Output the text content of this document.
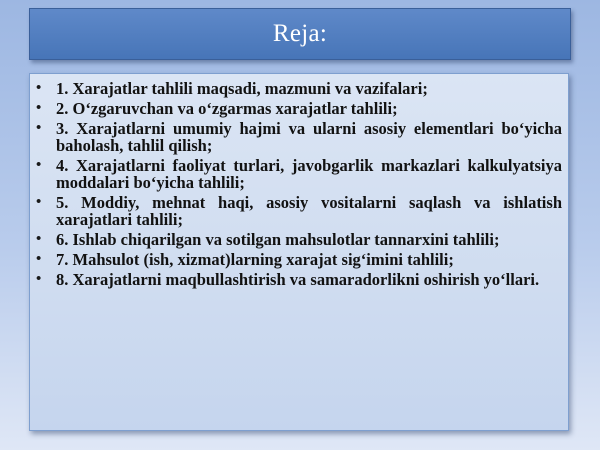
Reja:
• 1. Xarajatlar tahlili maqsadi, mazmuni va vazifalari;
• 2. O‘zgaruvchan va o‘zgarmas xarajatlar tahlili;
• 3. Xarajatlarni umumiy hajmi va ularni asosiy elementlari bo‘yicha baholash, tahlil qilish;
• 4. Xarajatlarni faoliyat turlari, javobgarlik markazlari kalkulyatsiya moddalari bo‘yicha tahlili;
• 5. Moddiy, mehnat haqi, asosiy vositalarni saqlash va ishlatish xarajatlari tahlili;
• 6. Ishlab chiqarilgan va sotilgan mahsulotlar tannarxini tahlili;
• 7. Mahsulot (ish, xizmat)larning xarajat sig‘imini tahlili;
• 8. Xarajatlarni maqbullashtirish va samaradorlikni oshirish yo‘llari.
